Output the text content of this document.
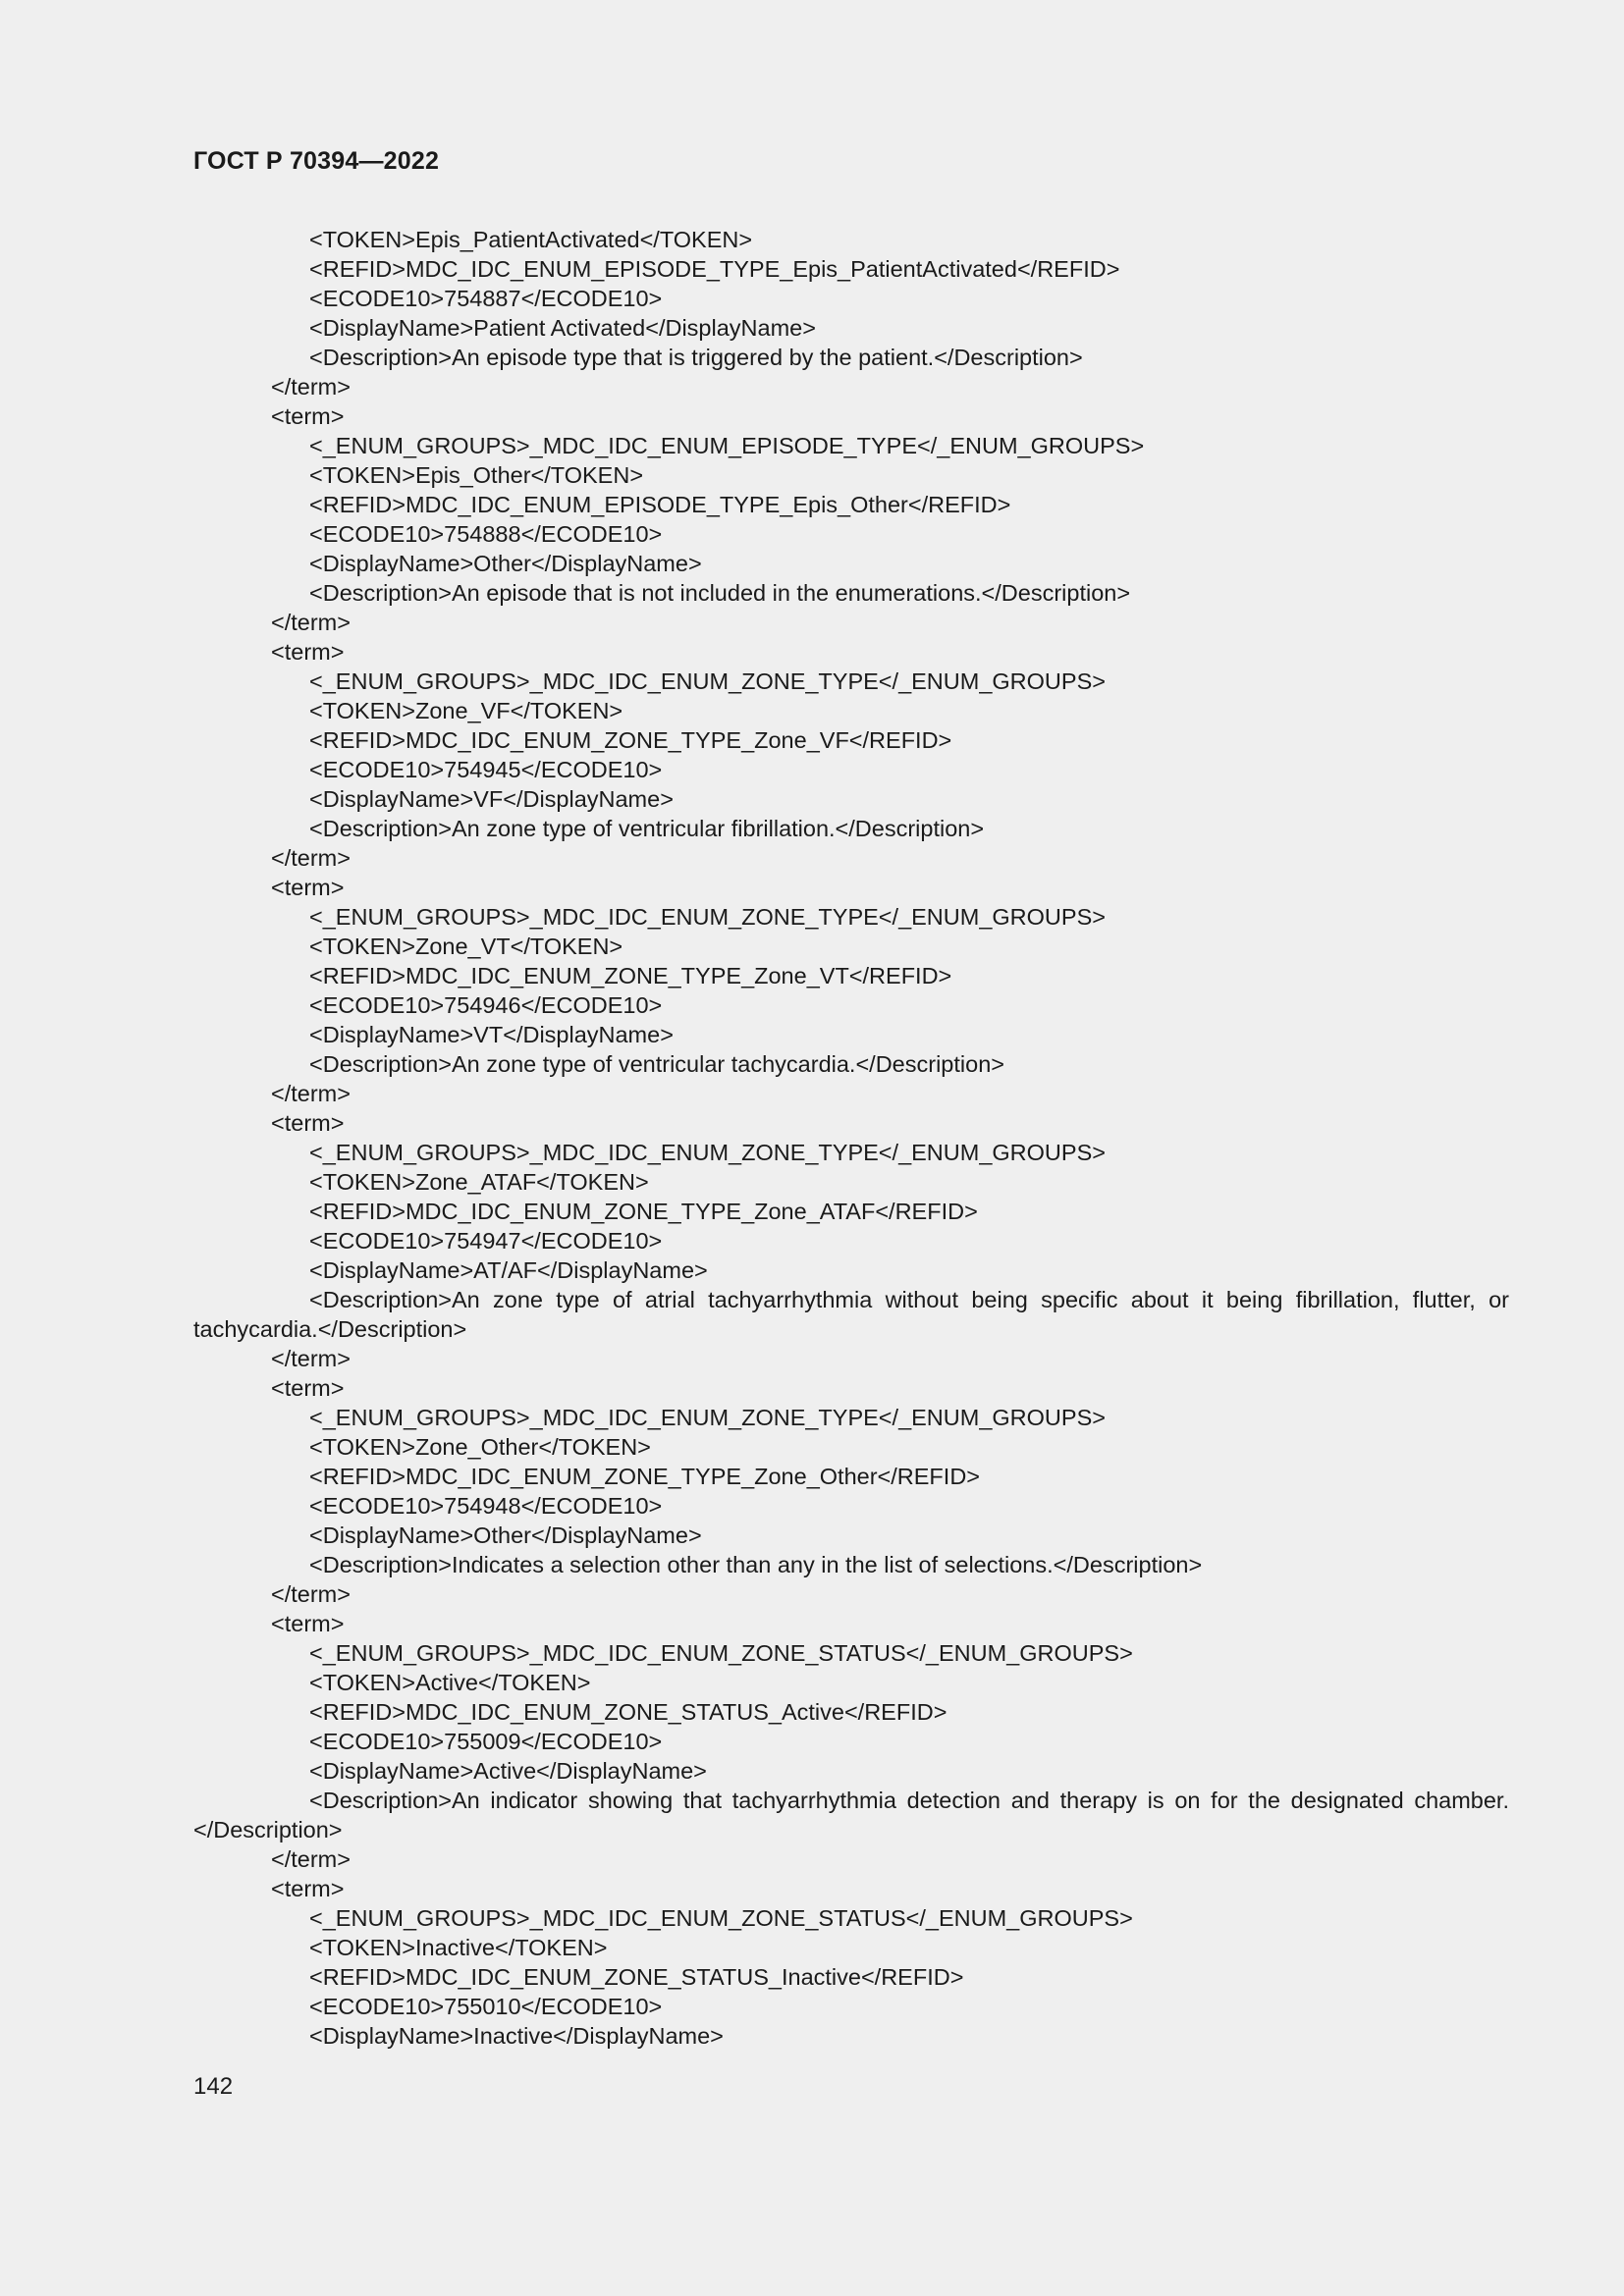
ГОСТ Р 70394—2022
<TOKEN>Epis_PatientActivated</TOKEN>
<REFID>MDC_IDC_ENUM_EPISODE_TYPE_Epis_PatientActivated</REFID>
<ECODE10>754887</ECODE10>
<DisplayName>Patient Activated</DisplayName>
<Description>An episode type that is triggered by the patient.</Description>
</term>
<term>
<_ENUM_GROUPS>_MDC_IDC_ENUM_EPISODE_TYPE</_ENUM_GROUPS>
<TOKEN>Epis_Other</TOKEN>
<REFID>MDC_IDC_ENUM_EPISODE_TYPE_Epis_Other</REFID>
<ECODE10>754888</ECODE10>
<DisplayName>Other</DisplayName>
<Description>An episode that is not included in the enumerations.</Description>
</term>
<term>
<_ENUM_GROUPS>_MDC_IDC_ENUM_ZONE_TYPE</_ENUM_GROUPS>
<TOKEN>Zone_VF</TOKEN>
<REFID>MDC_IDC_ENUM_ZONE_TYPE_Zone_VF</REFID>
<ECODE10>754945</ECODE10>
<DisplayName>VF</DisplayName>
<Description>An zone type of ventricular fibrillation.</Description>
</term>
<term>
<_ENUM_GROUPS>_MDC_IDC_ENUM_ZONE_TYPE</_ENUM_GROUPS>
<TOKEN>Zone_VT</TOKEN>
<REFID>MDC_IDC_ENUM_ZONE_TYPE_Zone_VT</REFID>
<ECODE10>754946</ECODE10>
<DisplayName>VT</DisplayName>
<Description>An zone type of ventricular tachycardia.</Description>
</term>
<term>
<_ENUM_GROUPS>_MDC_IDC_ENUM_ZONE_TYPE</_ENUM_GROUPS>
<TOKEN>Zone_ATAF</TOKEN>
<REFID>MDC_IDC_ENUM_ZONE_TYPE_Zone_ATAF</REFID>
<ECODE10>754947</ECODE10>
<DisplayName>AT/AF</DisplayName>
<Description>An zone type of atrial tachyarrhythmia without being specific about it being fibrillation, flutter, or tachycardia.</Description>
</term>
<term>
<_ENUM_GROUPS>_MDC_IDC_ENUM_ZONE_TYPE</_ENUM_GROUPS>
<TOKEN>Zone_Other</TOKEN>
<REFID>MDC_IDC_ENUM_ZONE_TYPE_Zone_Other</REFID>
<ECODE10>754948</ECODE10>
<DisplayName>Other</DisplayName>
<Description>Indicates a selection other than any in the list of selections.</Description>
</term>
<term>
<_ENUM_GROUPS>_MDC_IDC_ENUM_ZONE_STATUS</_ENUM_GROUPS>
<TOKEN>Active</TOKEN>
<REFID>MDC_IDC_ENUM_ZONE_STATUS_Active</REFID>
<ECODE10>755009</ECODE10>
<DisplayName>Active</DisplayName>
<Description>An indicator showing that tachyarrhythmia detection and therapy is on for the designated chamber.</Description>
</term>
<term>
<_ENUM_GROUPS>_MDC_IDC_ENUM_ZONE_STATUS</_ENUM_GROUPS>
<TOKEN>Inactive</TOKEN>
<REFID>MDC_IDC_ENUM_ZONE_STATUS_Inactive</REFID>
<ECODE10>755010</ECODE10>
<DisplayName>Inactive</DisplayName>
142
